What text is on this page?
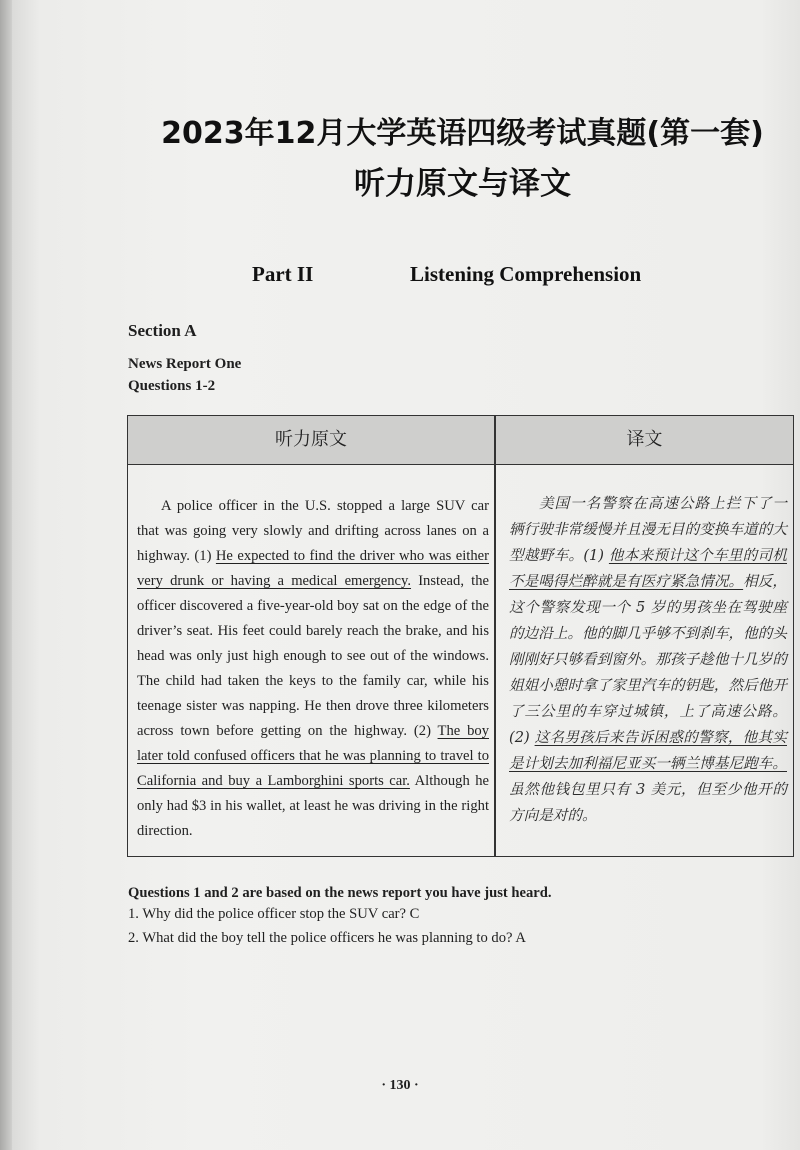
2023年12月大学英语四级考试真题(第一套)
听力原文与译文
Part II	Listening Comprehension
Section A
News Report One
Questions 1-2
听力原文	译文

A police officer in the U.S. stopped a large SUV car that was going very slowly and drifting across lanes on a highway. (1) He expected to find the driver who was either very drunk or having a medical emergency. Instead, the officer discovered a five-year-old boy sat on the edge of the driver’s seat. His feet could barely reach the brake, and his head was only just high enough to see out of the windows. The child had taken the keys to the family car, while his teenage sister was napping. He then drove three kilometers across town before getting on the highway. (2) The boy later told confused officers that he was planning to travel to California and buy a Lamborghini sports car. Although he only had $3 in his wallet, at least he was driving in the right direction.

美国一名警察在高速公路上拦下了一辆行驶非常缓慢并且漫无目的变换车道的大型越野车。(1) 他本来预计这个车里的司机不是喝得烂醉就是有医疗紧急情况。相反，这个警察发现一个 5 岁的男孩坐在驾驶座的边沿上。他的脚几乎够不到刹车，他的头刚刚好只够看到窗外。那孩子趁他十几岁的姐姐小憩时拿了家里汽车的钥匙，然后他开了三公里的车穿过城镇，上了高速公路。(2) 这名男孩后来告诉困惑的警察，他其实是计划去加利福尼亚买一辆兰博基尼跑车。虽然他钱包里只有 3 美元，但至少他开的方向是对的。

Questions 1 and 2 are based on the news report you have just heard.
1. Why did the police officer stop the SUV car? C
2. What did the boy tell the police officers he was planning to do? A
· 130 ·
